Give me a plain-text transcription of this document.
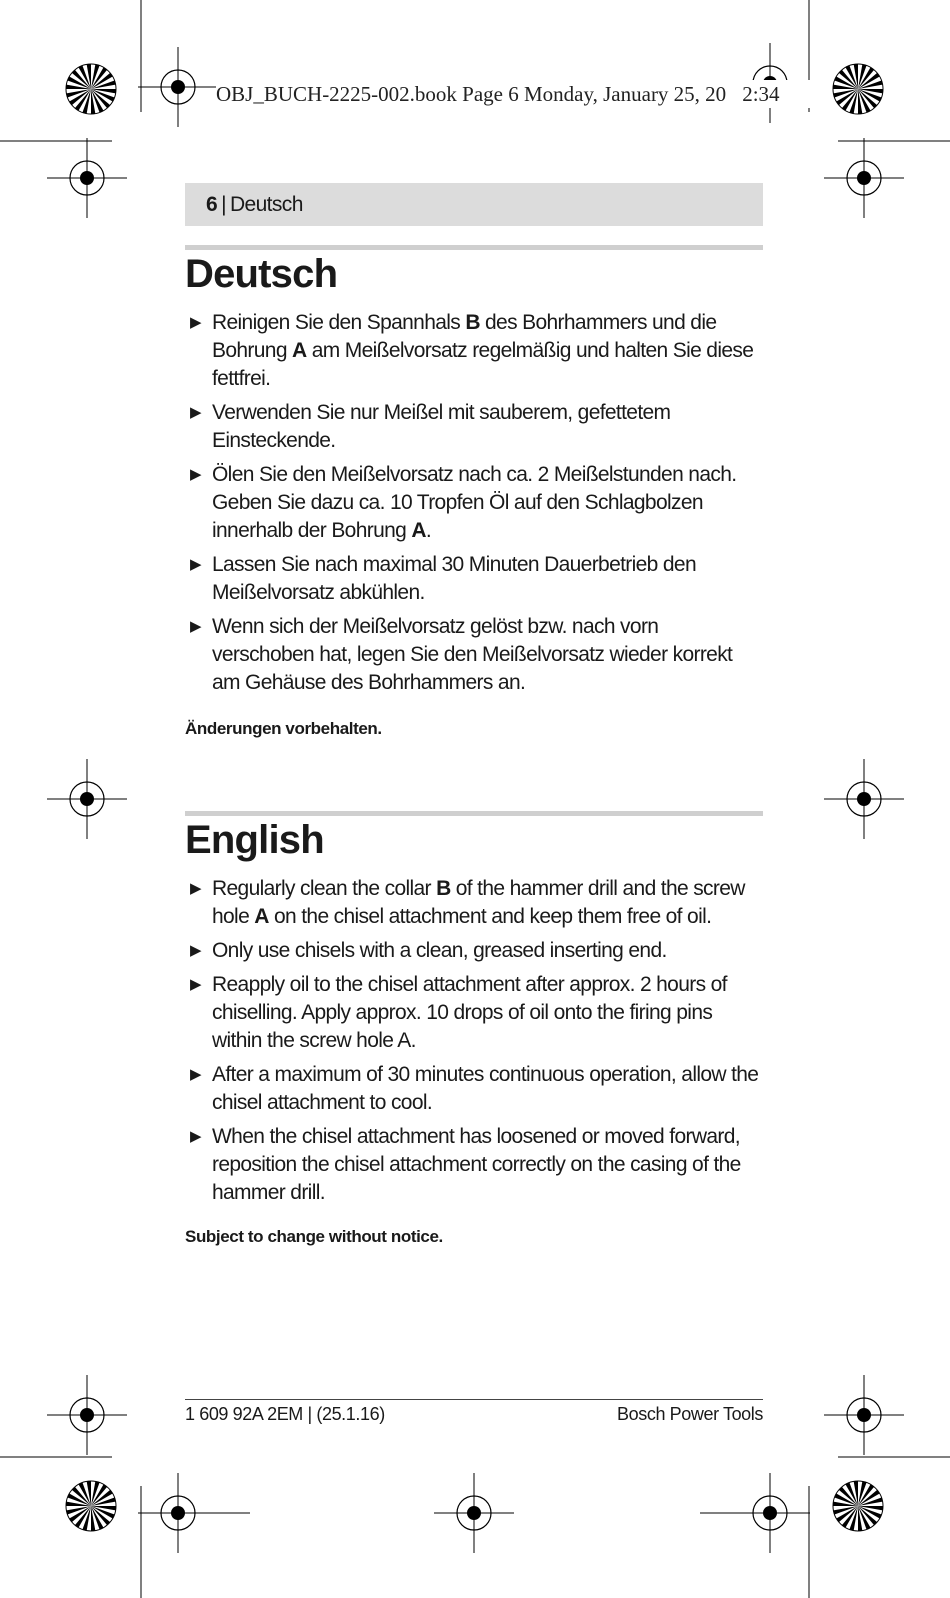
OBJ_BUCH-2225-002.book Page 6 Monday, January 25, 20 2:34
6 | Deutsch
Deutsch
▶ Reinigen Sie den Spannhals B des Bohrhammers und die Bohrung A am Meißelvorsatz regelmäßig und halten Sie diese fettfrei.
▶ Verwenden Sie nur Meißel mit sauberem, gefettetem Einsteckende.
▶ Ölen Sie den Meißelvorsatz nach ca. 2 Meißelstunden nach. Geben Sie dazu ca. 10 Tropfen Öl auf den Schlagbolzen innerhalb der Bohrung A.
▶ Lassen Sie nach maximal 30 Minuten Dauerbetrieb den Meißelvorsatz abkühlen.
▶ Wenn sich der Meißelvorsatz gelöst bzw. nach vorn verschoben hat, legen Sie den Meißelvorsatz wieder korrekt am Gehäuse des Bohrhammers an.
Änderungen vorbehalten.
English
▶ Regularly clean the collar B of the hammer drill and the screw hole A on the chisel attachment and keep them free of oil.
▶ Only use chisels with a clean, greased inserting end.
▶ Reapply oil to the chisel attachment after approx. 2 hours of chiselling. Apply approx. 10 drops of oil onto the firing pins within the screw hole A.
▶ After a maximum of 30 minutes continuous operation, allow the chisel attachment to cool.
▶ When the chisel attachment has loosened or moved forward, reposition the chisel attachment correctly on the casing of the hammer drill.
Subject to change without notice.
1 609 92A 2EM | (25.1.16)	Bosch Power Tools
